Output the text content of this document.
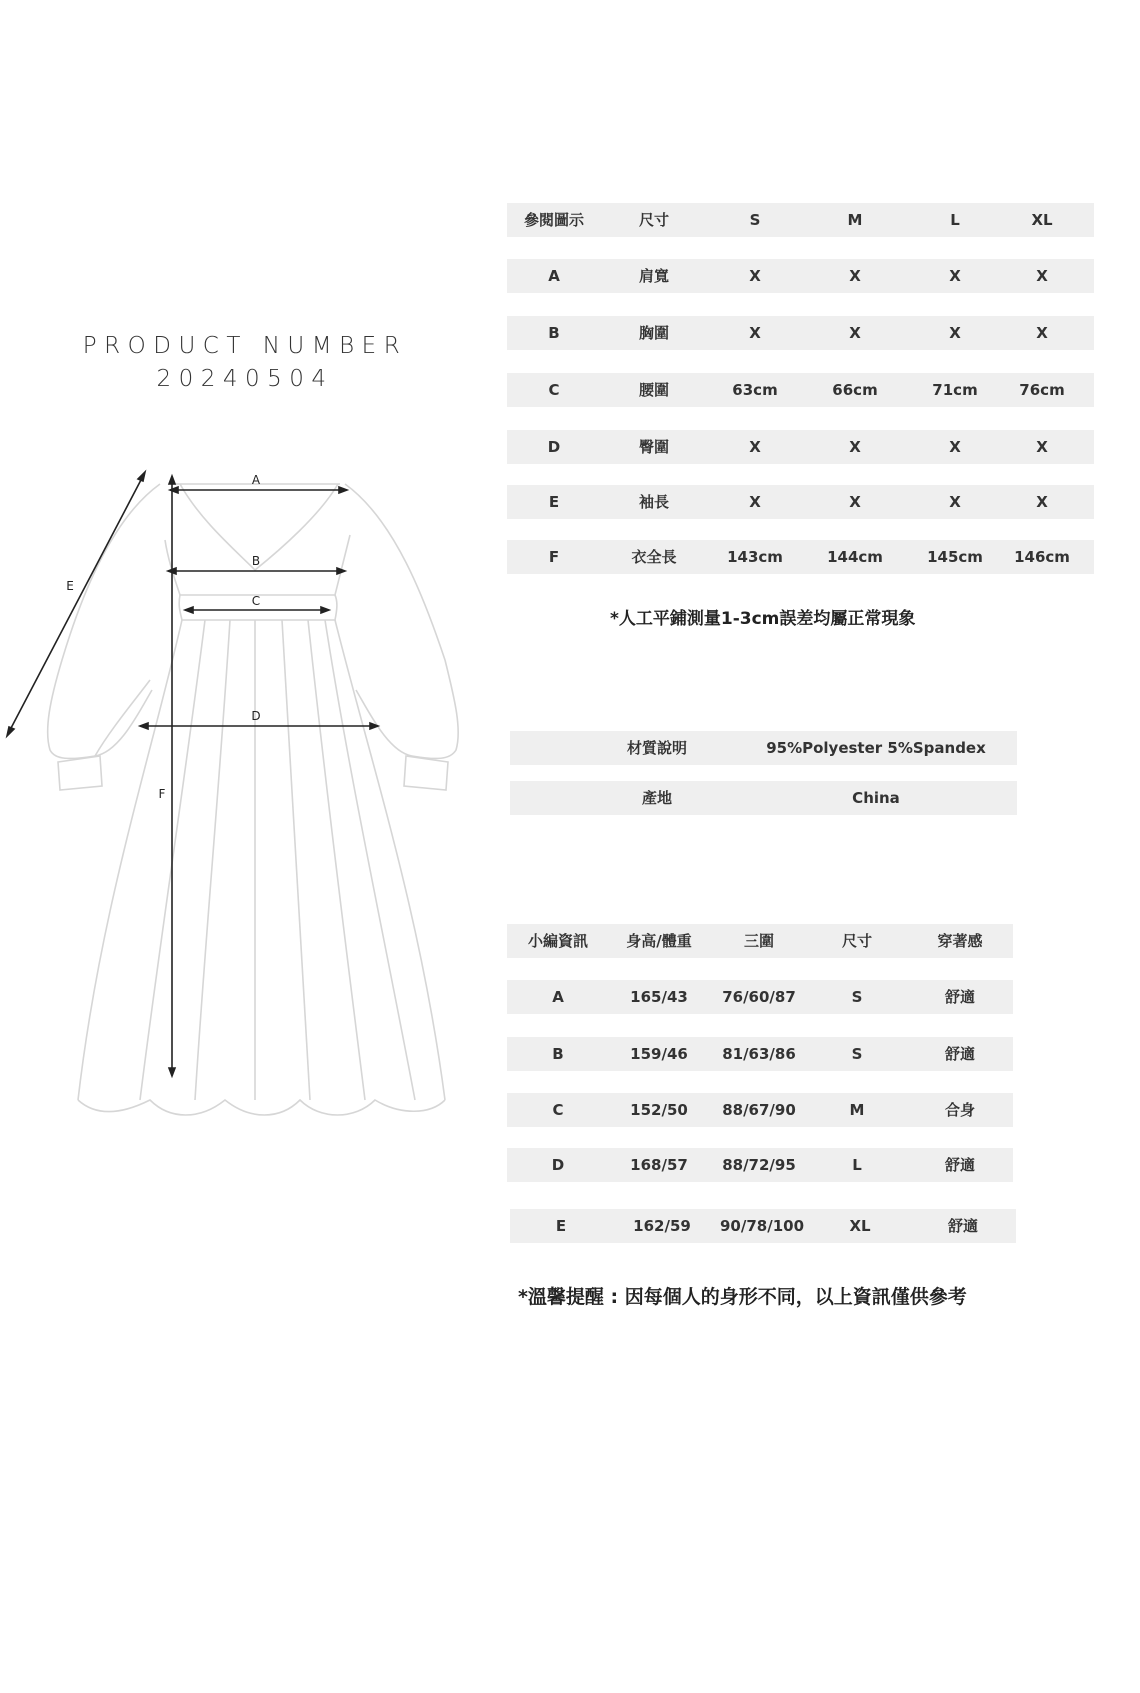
PRODUCT NUMBER
20240504
A
B
C
D
E
F
參閱圖示	尺寸	S	M	L	XL
A	肩寬	X	X	X	X
B	胸圍	X	X	X	X
C	腰圍	63cm	66cm	71cm	76cm
D	臀圍	X	X	X	X
E	袖長	X	X	X	X
F	衣全長	143cm	144cm	145cm 146cm
*人工平鋪測量1-3cm誤差均屬正常現象
材質說明	95%Polyester 5%Spandex
產地	China
小編資訊	身高/體重	三圍	尺寸	穿著感
A	165/43 76/60/87	S	舒適
B	159/46 81/63/86	S	舒適
C	152/50 88/67/90	M	合身
D	168/57 88/72/95	L	舒適
E	162/59 90/78/100	XL	舒適
*溫馨提醒 : 因每個人的身形不同，以上資訊僅供參考
